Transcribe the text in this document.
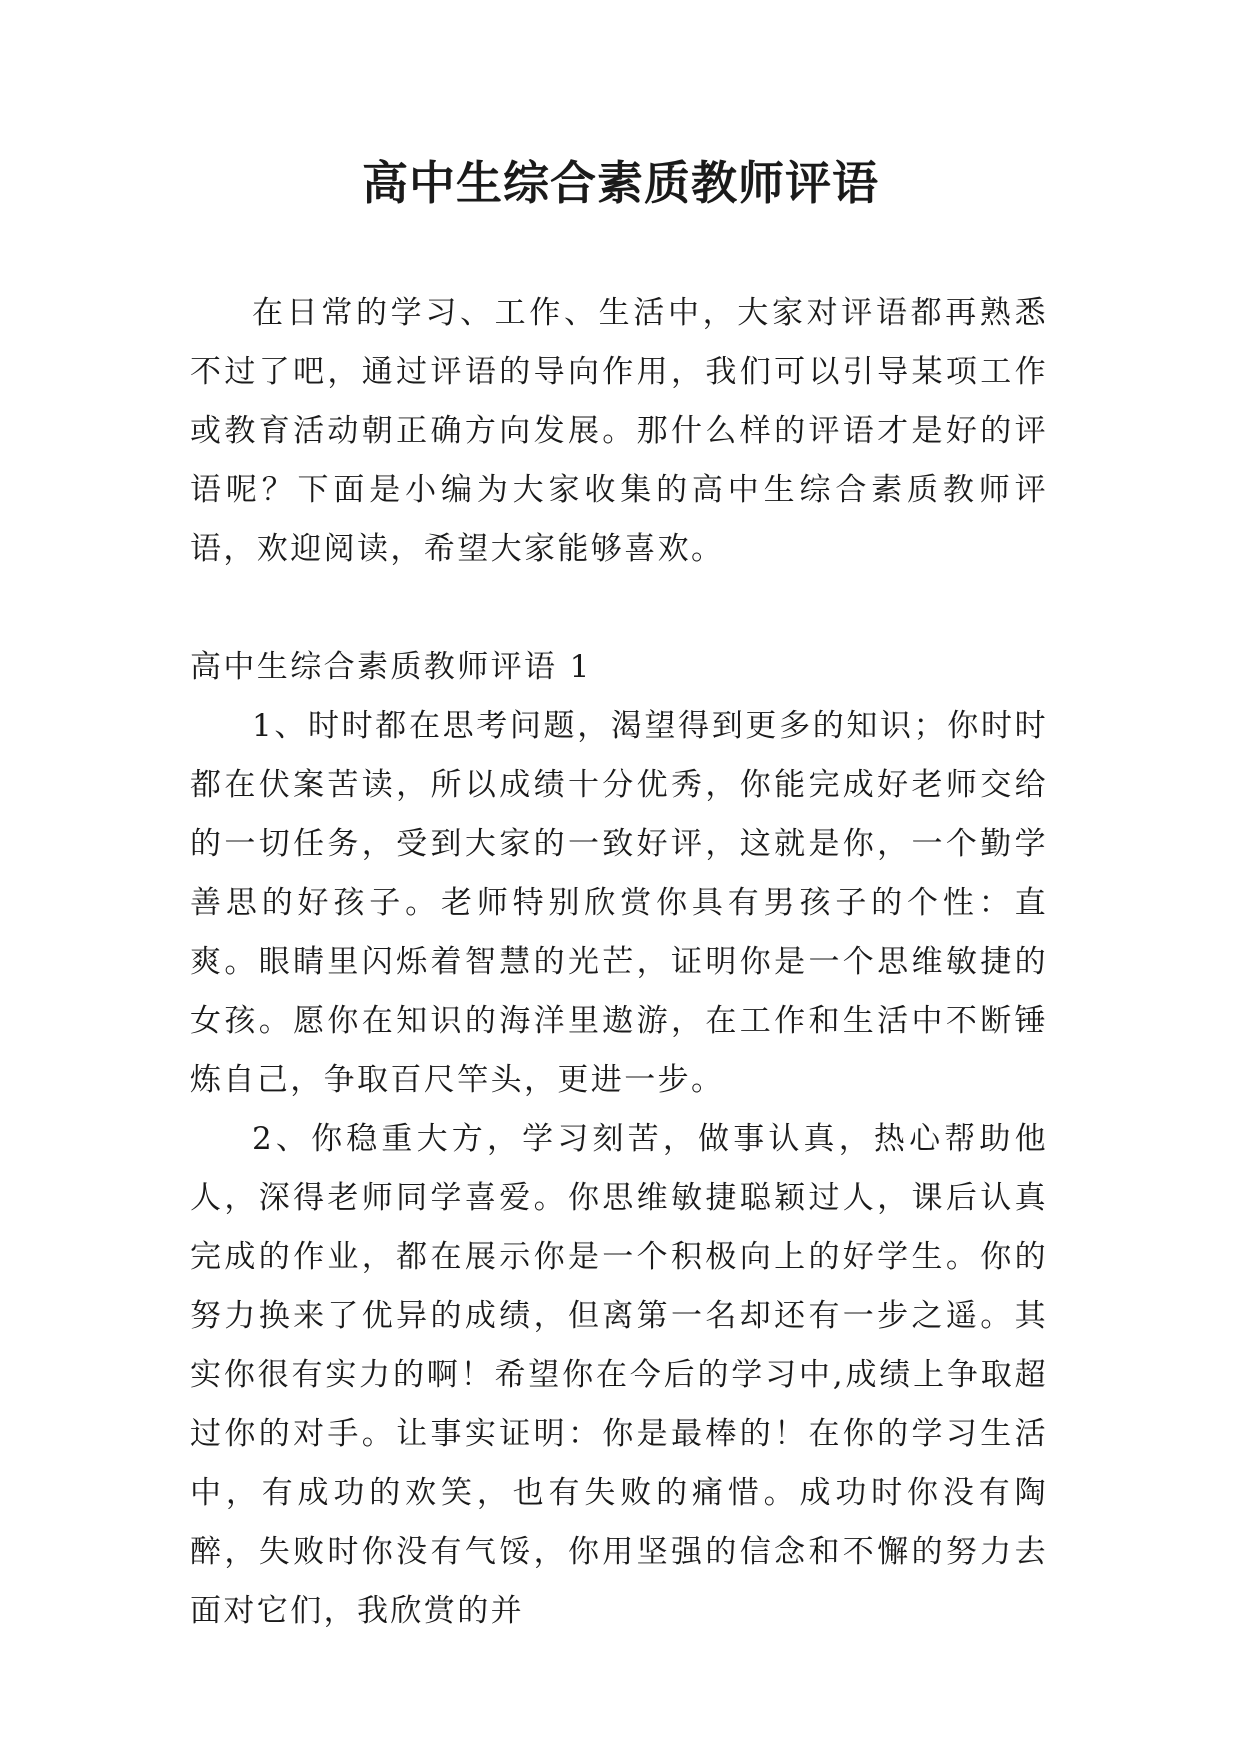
高中生综合素质教师评语

在日常的学习、工作、生活中，大家对评语都再熟悉不过了吧，通过评语的导向作用，我们可以引导某项工作或教育活动朝正确方向发展。那什么样的评语才是好的评语呢？下面是小编为大家收集的高中生综合素质教师评语，欢迎阅读，希望大家能够喜欢。

高中生综合素质教师评语 1

1、时时都在思考问题，渴望得到更多的知识；你时时都在伏案苦读，所以成绩十分优秀，你能完成好老师交给的一切任务，受到大家的一致好评，这就是你，一个勤学善思的好孩子。老师特别欣赏你具有男孩子的个性：直爽。眼睛里闪烁着智慧的光芒，证明你是一个思维敏捷的女孩。愿你在知识的海洋里遨游，在工作和生活中不断锤炼自己，争取百尺竿头，更进一步。

2、你稳重大方，学习刻苦，做事认真，热心帮助他人，深得老师同学喜爱。你思维敏捷聪颖过人，课后认真完成的作业，都在展示你是一个积极向上的好学生。你的努力换来了优异的成绩，但离第一名却还有一步之遥。其实你很有实力的啊！希望你在今后的学习中,成绩上争取超过你的对手。让事实证明：你是最棒的！在你的学习生活中，有成功的欢笑，也有失败的痛惜。成功时你没有陶醉，失败时你没有气馁，你用坚强的信念和不懈的努力去面对它们，我欣赏的并
